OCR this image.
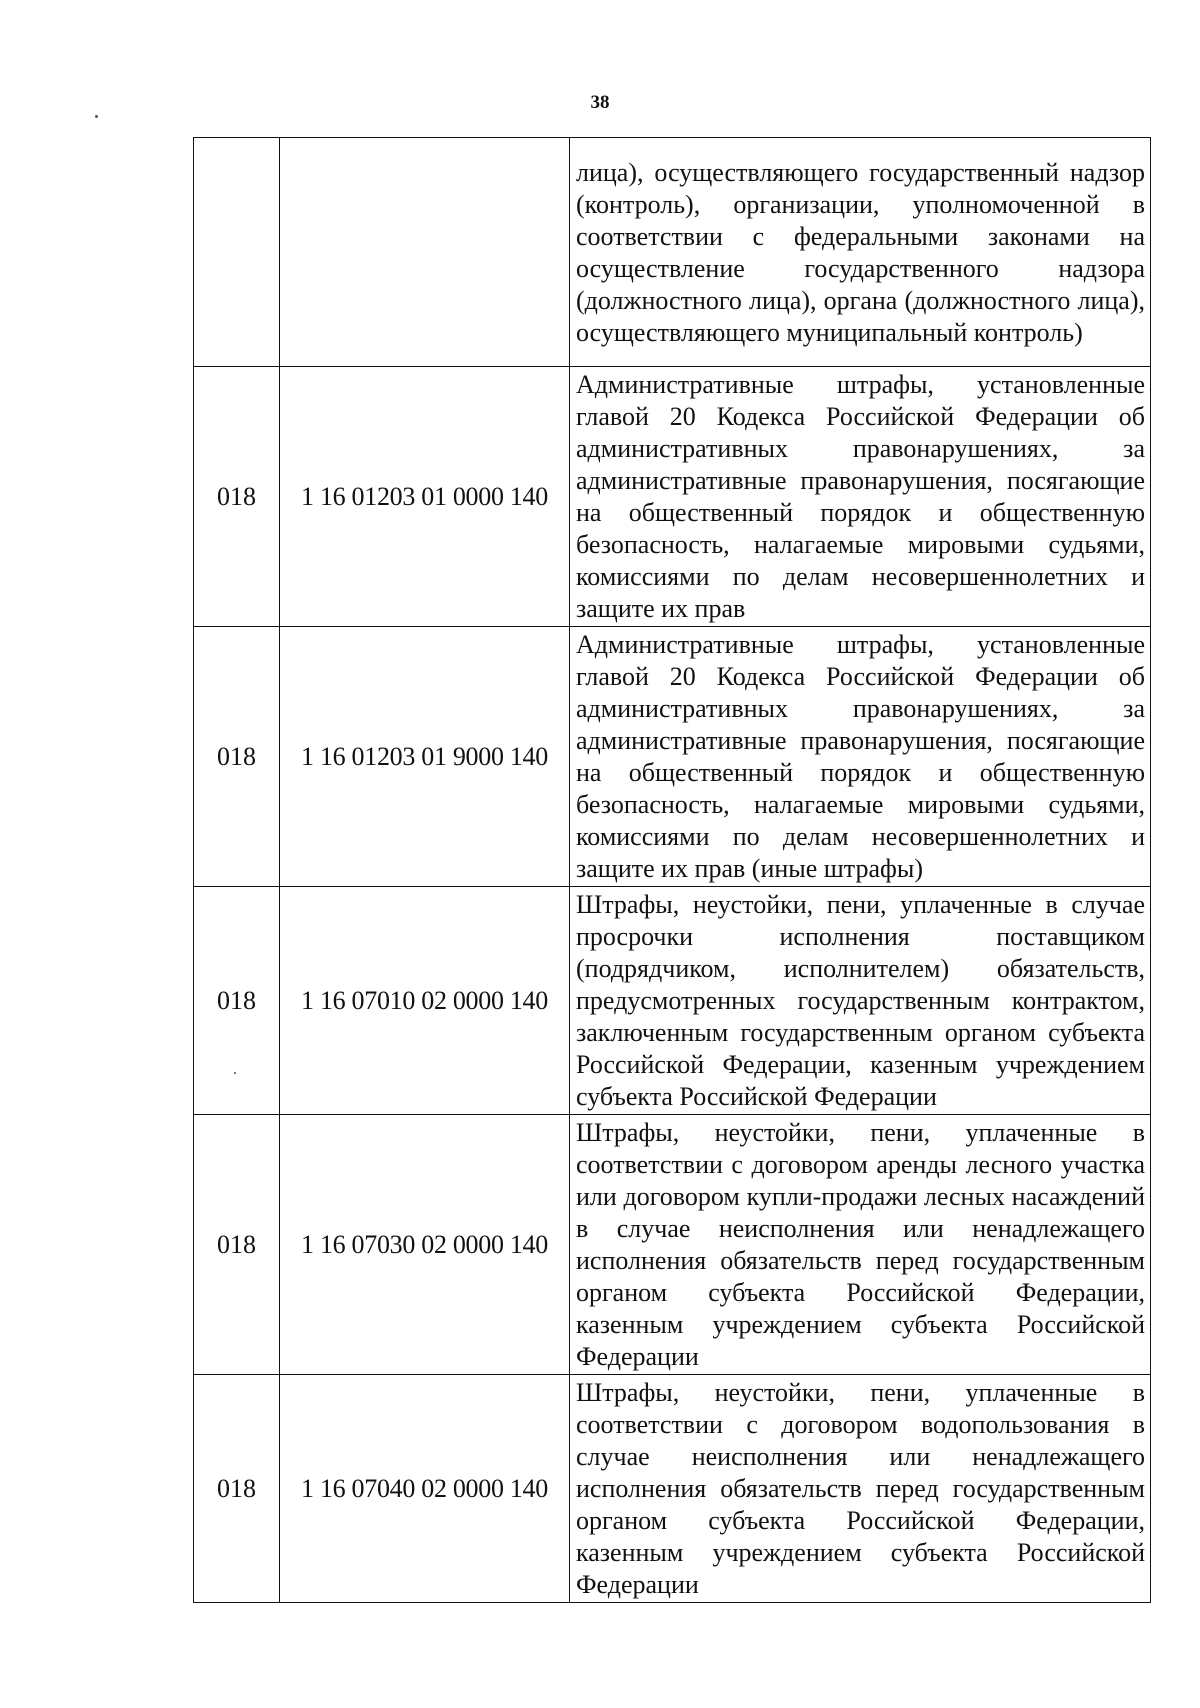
38
		лица), осуществляющего государственный надзор (контроль), организации, уполномоченной в соответствии с федеральными законами на осуществление государственного надзора (должностного лица), органа (должностного лица), осуществляющего муниципальный контроль)
018	1 16 01203 01 0000 140	Административные штрафы, установленные главой 20 Кодекса Российской Федерации об административных правонарушениях, за административные правонарушения, посягающие на общественный порядок и общественную безопасность, налагаемые мировыми судьями, комиссиями по делам несовершеннолетних и защите их прав
018	1 16 01203 01 9000 140	Административные штрафы, установленные главой 20 Кодекса Российской Федерации об административных правонарушениях, за административные правонарушения, посягающие на общественный порядок и общественную безопасность, налагаемые мировыми судьями, комиссиями по делам несовершеннолетних и защите их прав (иные штрафы)
018	1 16 07010 02 0000 140	Штрафы, неустойки, пени, уплаченные в случае просрочки исполнения поставщиком (подрядчиком, исполнителем) обязательств, предусмотренных государственным контрактом, заключенным государственным органом субъекта Российской Федерации, казенным учреждением субъекта Российской Федерации
018	1 16 07030 02 0000 140	Штрафы, неустойки, пени, уплаченные в соответствии с договором аренды лесного участка или договором купли-продажи лесных насаждений в случае неисполнения или ненадлежащего исполнения обязательств перед государственным органом субъекта Российской Федерации, казенным учреждением субъекта Российской Федерации
018	1 16 07040 02 0000 140	Штрафы, неустойки, пени, уплаченные в соответствии с договором водопользования в случае неисполнения или ненадлежащего исполнения обязательств перед государственным органом субъекта Российской Федерации, казенным учреждением субъекта Российской Федерации
